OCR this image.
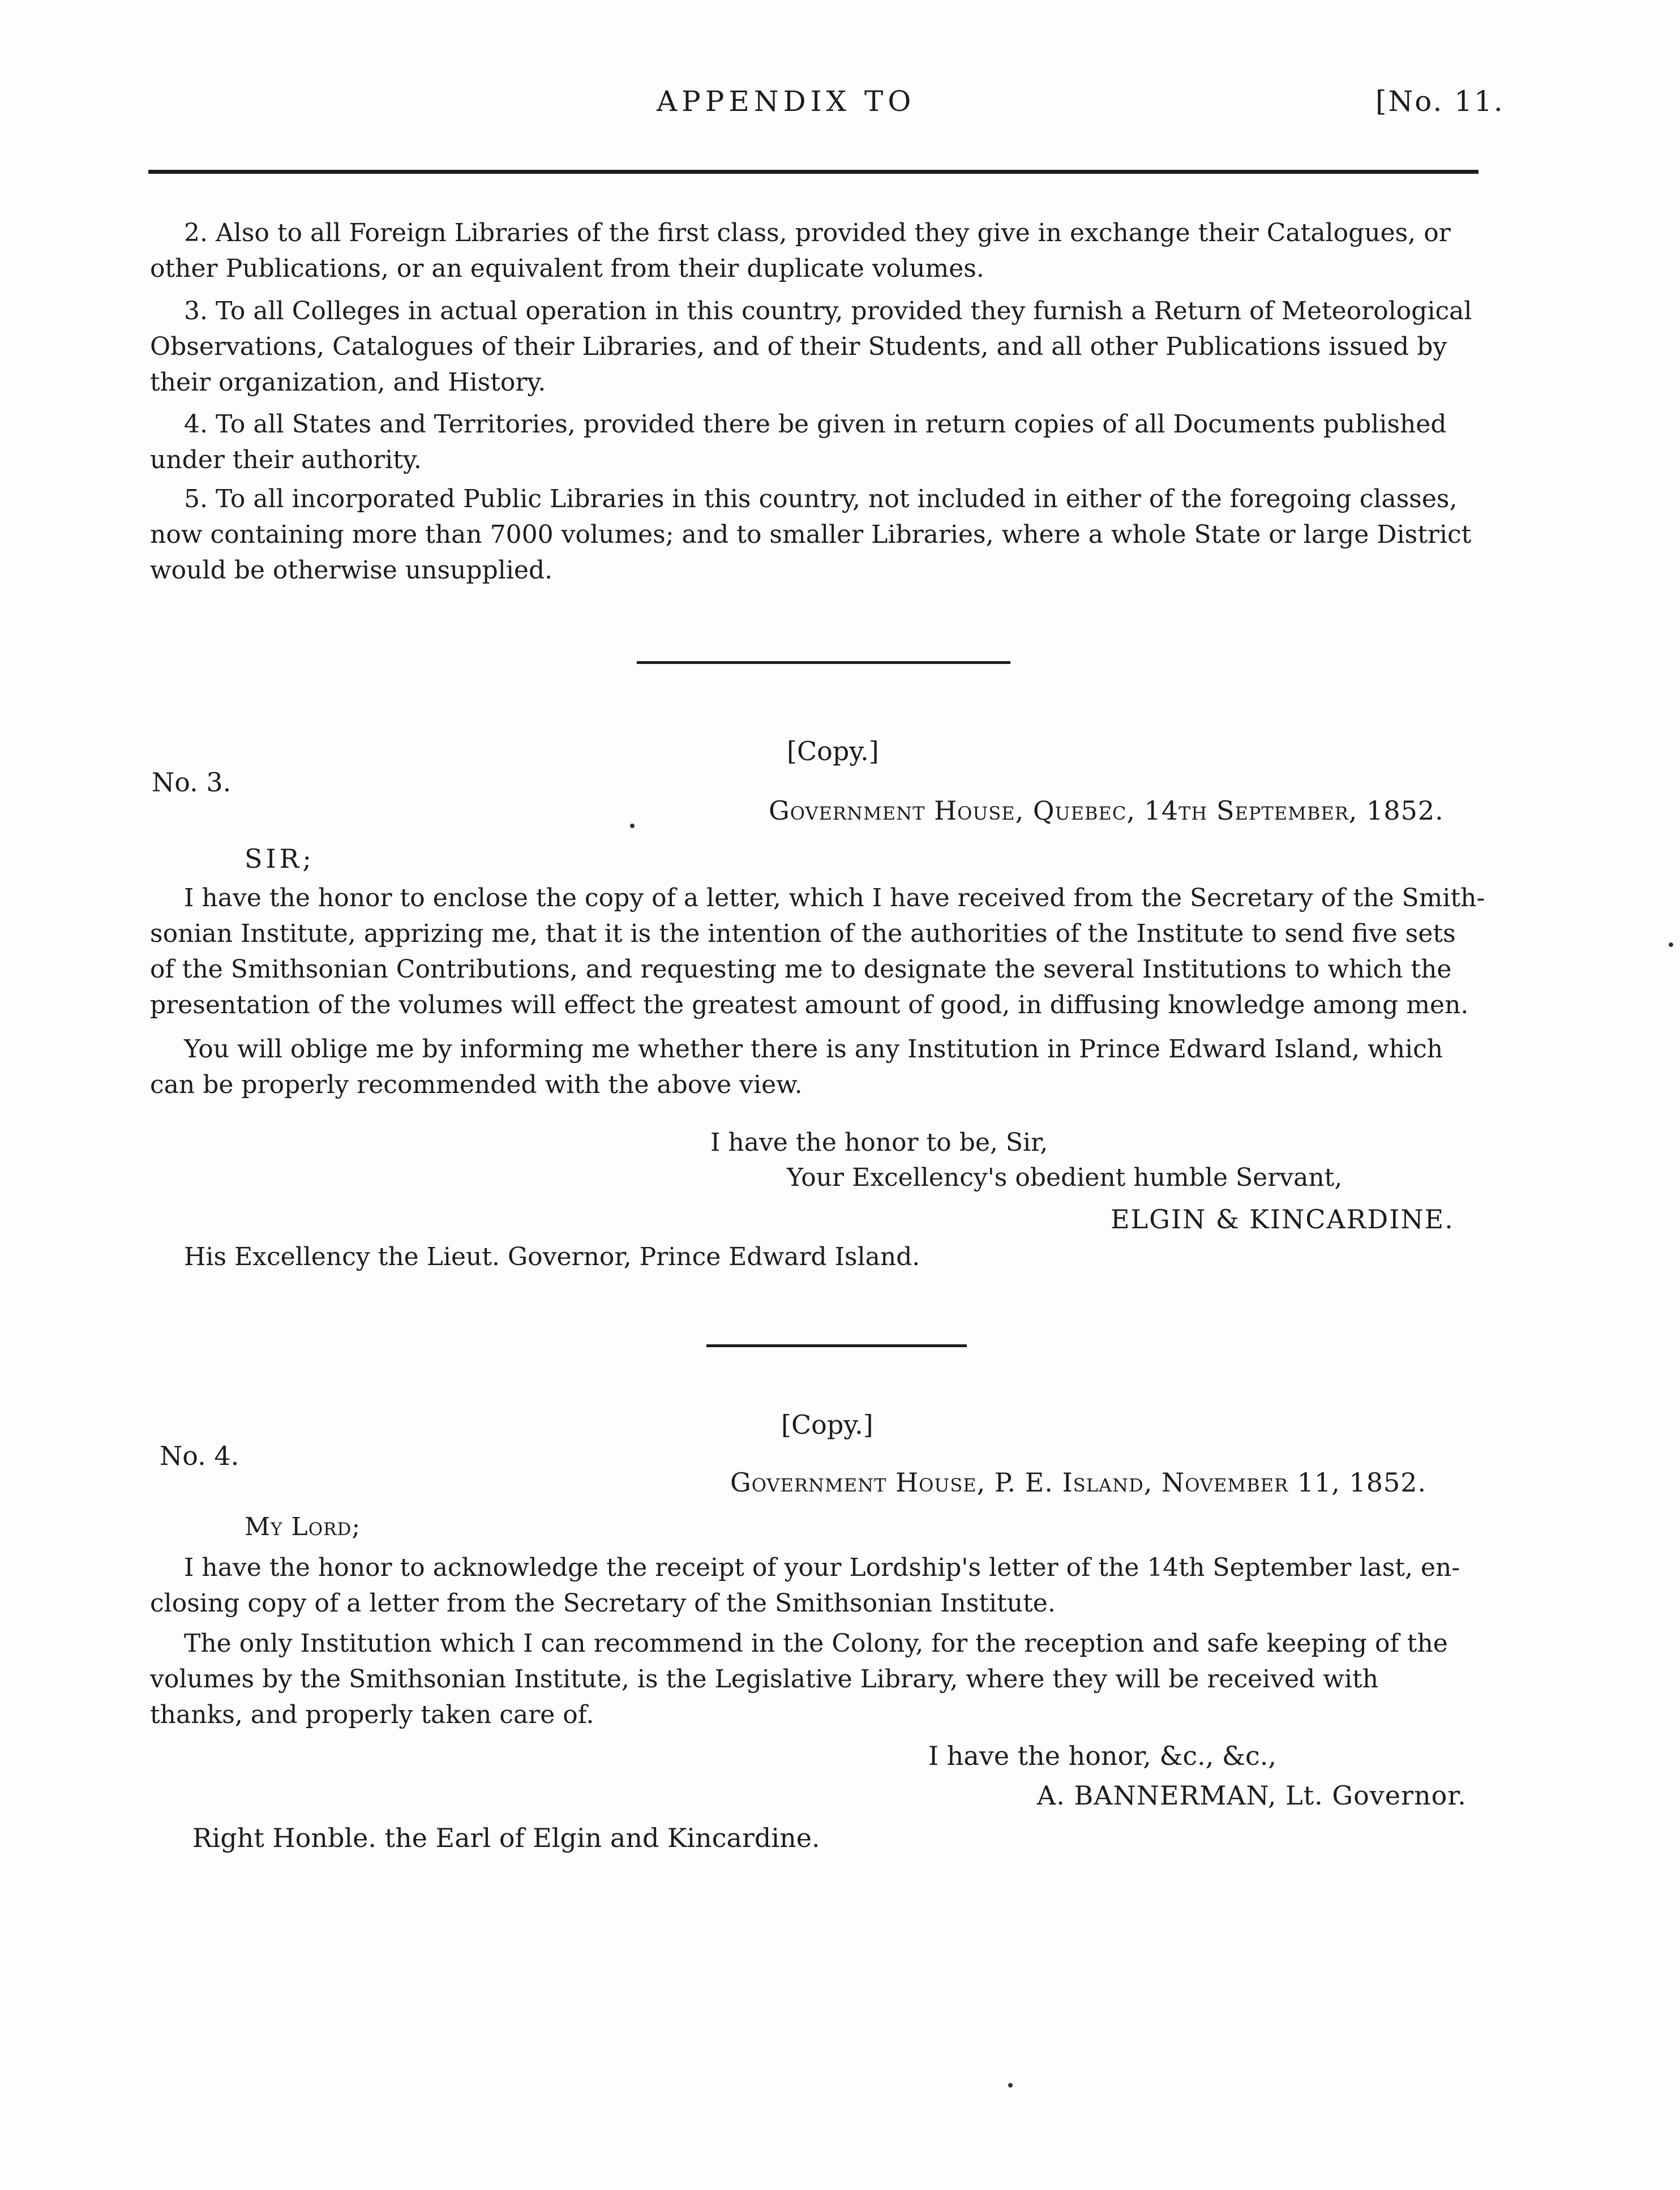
APPENDIX TO	[No. 11.
2. Also to all Foreign Libraries of the first class, provided they give in exchange their Catalogues, or
other Publications, or an equivalent from their duplicate volumes.
3. To all Colleges in actual operation in this country, provided they furnish a Return of Meteorological
Observations, Catalogues of their Libraries, and of their Students, and all other Publications issued by
their organization, and History.
4. To all States and Territories, provided there be given in return copies of all Documents published
under their authority.
5. To all incorporated Public Libraries in this country, not included in either of the foregoing classes,
now containing more than 7000 volumes; and to smaller Libraries, where a whole State or large District
would be otherwise unsupplied.
[Copy.]
No. 3.
Government House, Quebec, 14th September, 1852.
SIR;
I have the honor to enclose the copy of a letter, which I have received from the Secretary of the Smith-
sonian Institute, apprizing me, that it is the intention of the authorities of the Institute to send five sets
of the Smithsonian Contributions, and requesting me to designate the several Institutions to which the
presentation of the volumes will effect the greatest amount of good, in diffusing knowledge among men.
You will oblige me by informing me whether there is any Institution in Prince Edward Island, which
can be properly recommended with the above view.
I have the honor to be, Sir,
Your Excellency's obedient humble Servant,
ELGIN & KINCARDINE.
His Excellency the Lieut. Governor, Prince Edward Island.
[Copy.]
No. 4.
Government House, P. E. Island, November 11, 1852.
My Lord;
I have the honor to acknowledge the receipt of your Lordship's letter of the 14th September last, en-
closing copy of a letter from the Secretary of the Smithsonian Institute.
The only Institution which I can recommend in the Colony, for the reception and safe keeping of the
volumes by the Smithsonian Institute, is the Legislative Library, where they will be received with
thanks, and properly taken care of.
I have the honor, &c., &c.,
A. BANNERMAN, Lt. Governor.
Right Honble. the Earl of Elgin and Kincardine.
